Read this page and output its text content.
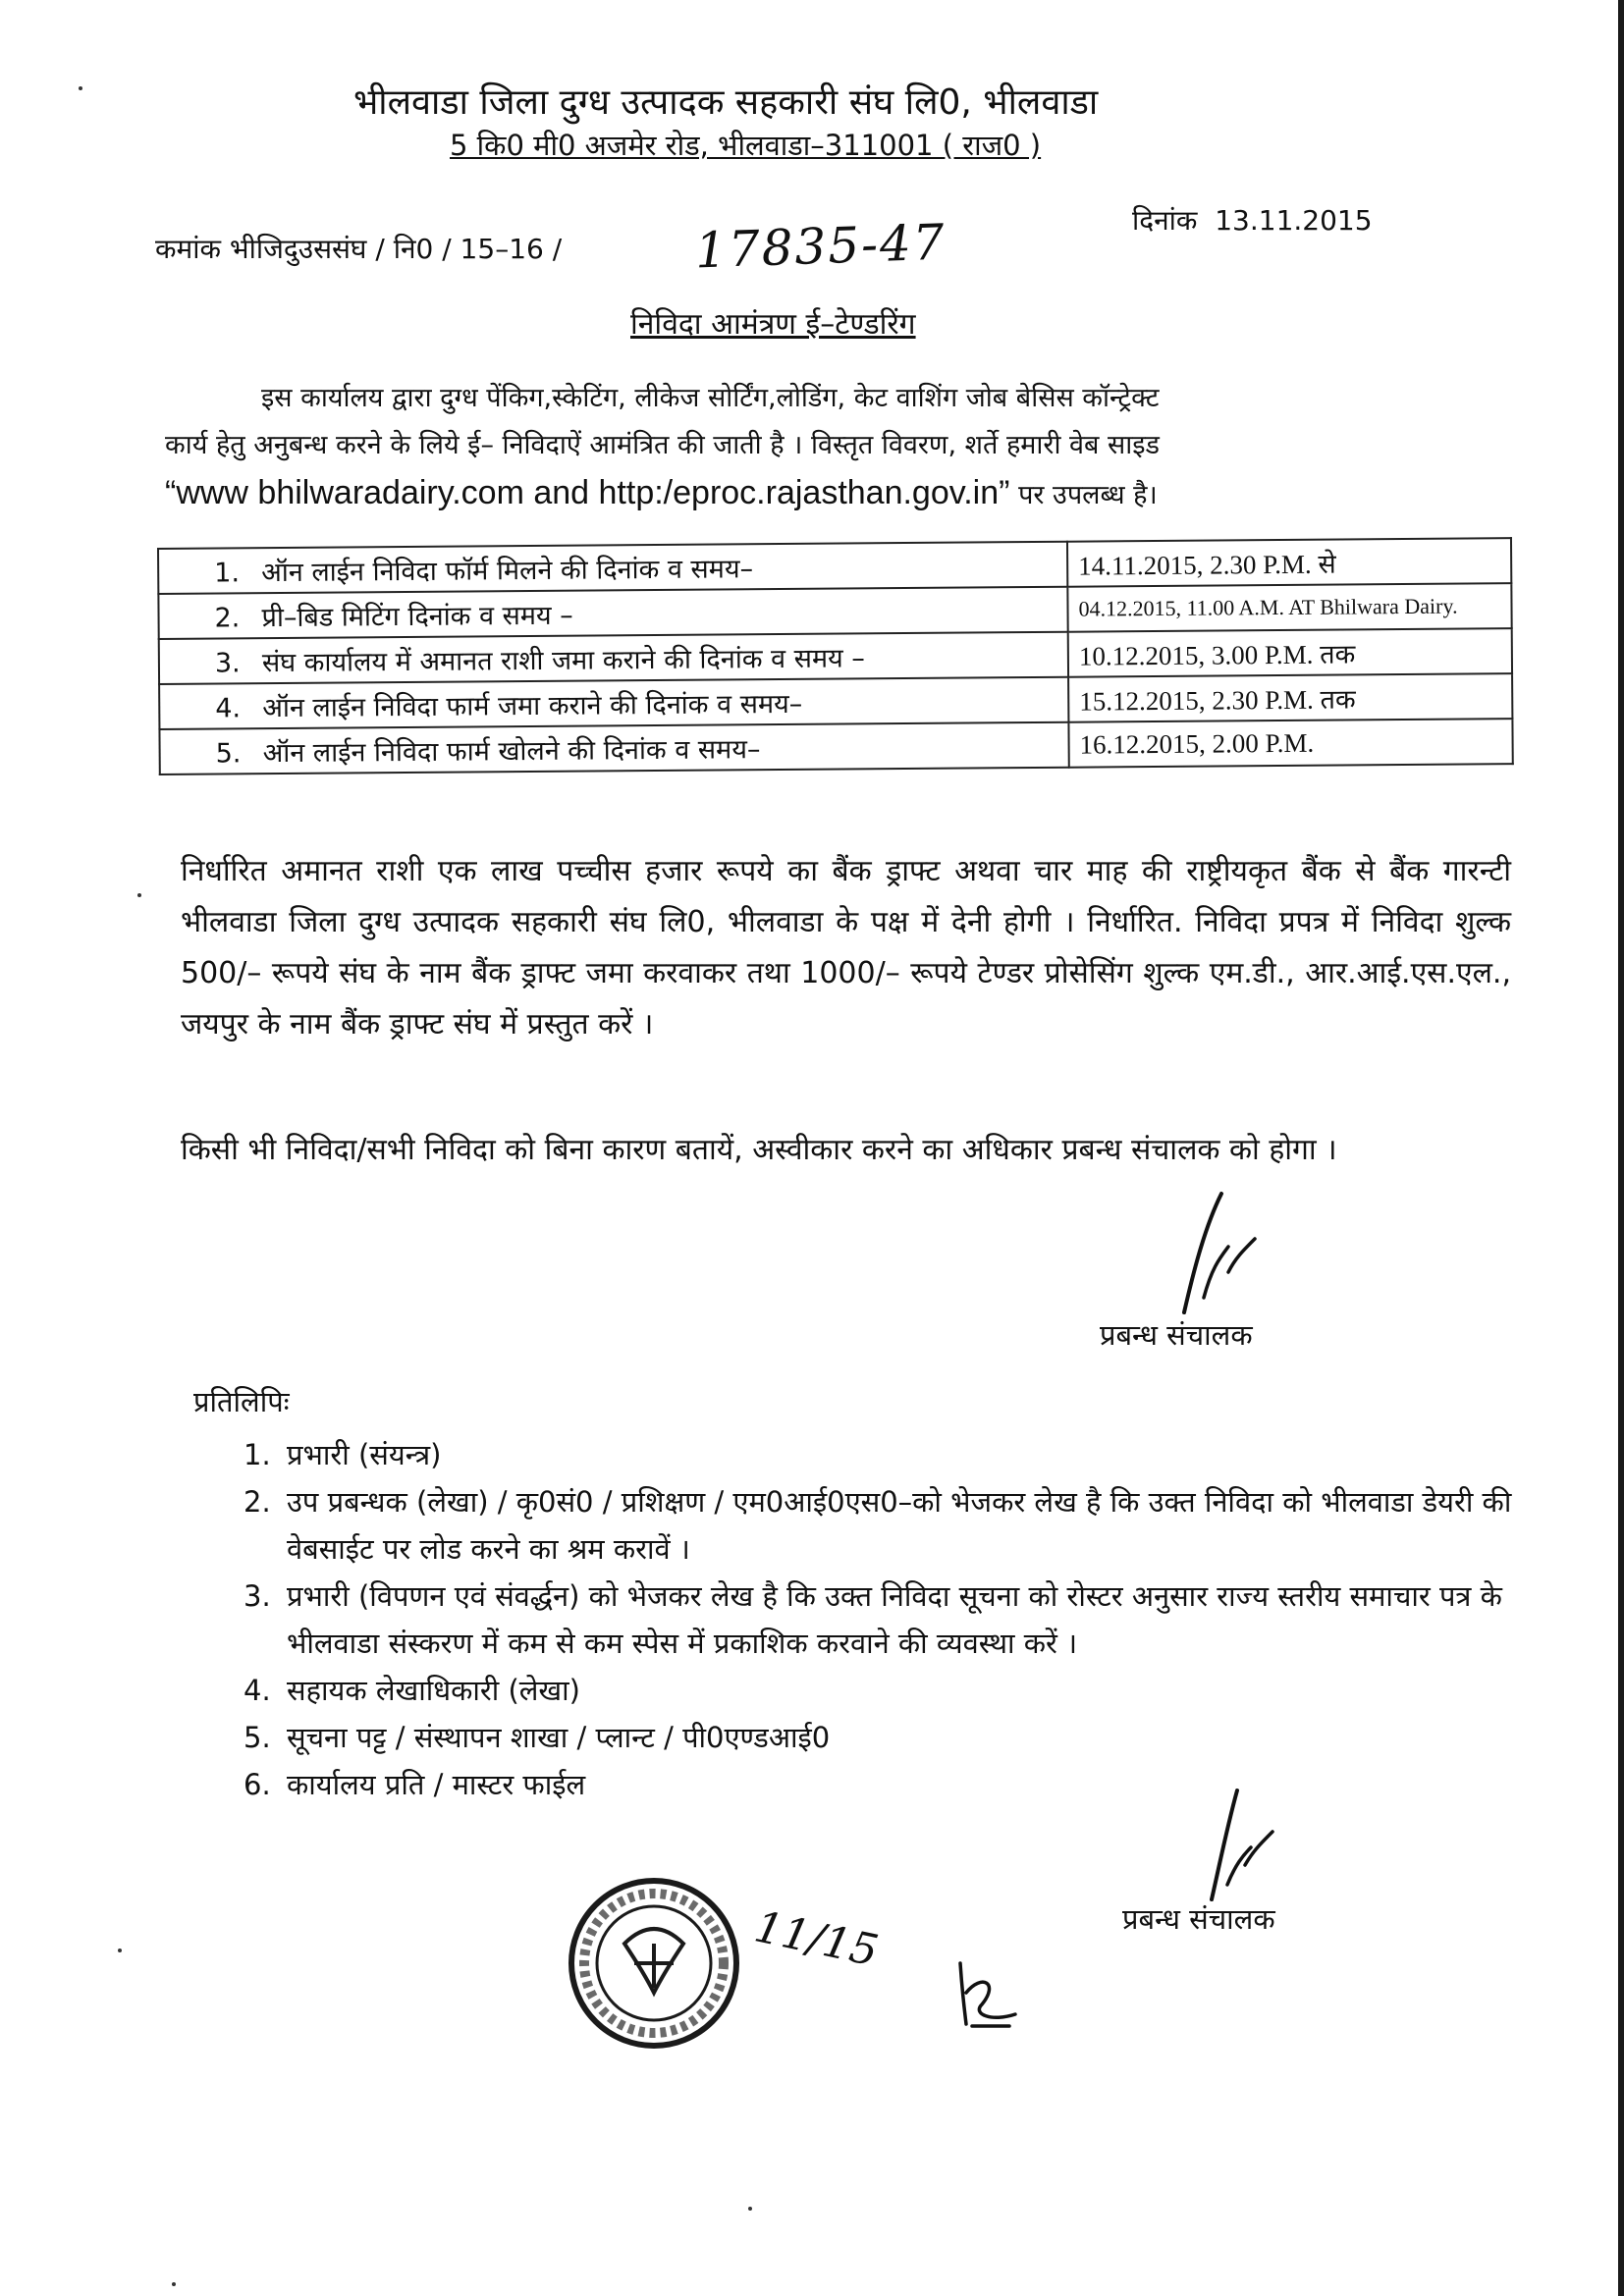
भीलवाडा जिला दुग्ध उत्पादक सहकारी संघ लि0, भीलवाडा
5 कि0 मी0 अजमेर रोड, भीलवाडा–311001 ( राज0 )
कमांक भीजिदुउससंघ / नि0 / 15–16 /	17835-47	दिनांक 13.11.2015
निविदा आमंत्रण ई–टेण्डरिंग
इस कार्यालय द्वारा दुग्ध पेंकिग,स्केटिंग, लीकेज सोर्टिंग,लोडिंग, केट वाशिंग जोब बेसिस कॉन्ट्रेक्ट
कार्य हेतु अनुबन्ध करने के लिये ई– निविदाऐं आमंत्रित की जाती है । विस्तृत विवरण, शर्ते हमारी वेब साइड
“www bhilwaradairy.com and http:/eproc.rajasthan.gov.in” पर उपलब्ध है।
1. ऑन लाईन निविदा फॉर्म मिलने की दिनांक व समय–	14.11.2015, 2.30 P.M. से
2. प्री–बिड मिटिंग दिनांक व समय –	04.12.2015, 11.00 A.M. AT Bhilwara Dairy.
3. संघ कार्यालय में अमानत राशी जमा कराने की दिनांक व समय –	10.12.2015, 3.00 P.M. तक
4. ऑन लाईन निविदा फार्म जमा कराने की दिनांक व समय–	15.12.2015, 2.30 P.M. तक
5. ऑन लाईन निविदा फार्म खोलने की दिनांक व समय–	16.12.2015, 2.00 P.M.
निर्धारित अमानत राशी एक लाख पच्चीस हजार रूपये का बैंक ड्राफ्ट अथवा चार माह की राष्ट्रीयकृत बैंक से बैंक गारन्टी भीलवाडा जिला दुग्ध उत्पादक सहकारी संघ लि0, भीलवाडा के पक्ष में देनी होगी । निर्धारित. निविदा प्रपत्र में निविदा शुल्क 500/– रूपये संघ के नाम बैंक ड्राफ्ट जमा करवाकर तथा 1000/– रूपये टेण्डर प्रोसेसिंग शुल्क एम.डी., आर.आई.एस.एल., जयपुर के नाम बैंक ड्राफ्ट संघ में प्रस्तुत करें ।
किसी भी निविदा/सभी निविदा को बिना कारण बतायें, अस्वीकार करने का अधिकार प्रबन्ध संचालक को होगा ।
प्रबन्ध संचालक
प्रतिलिपिः
1. प्रभारी (संयन्त्र)
2. उप प्रबन्धक (लेखा) / कृ0सं0 / प्रशिक्षण / एम0आई0एस0–को भेजकर लेख है कि उक्त निविदा को भीलवाडा डेयरी की वेबसाईट पर लोड करने का श्रम करावें ।
3. प्रभारी (विपणन एवं संवर्द्धन) को भेजकर लेख है कि उक्त निविदा सूचना को रोस्टर अनुसार राज्य स्तरीय समाचार पत्र के भीलवाडा संस्करण में कम से कम स्पेस में प्रकाशिक करवाने की व्यवस्था करें ।
4. सहायक लेखाधिकारी (लेखा)
5. सूचना पट्ट / संस्थापन शाखा / प्लान्ट / पी0एण्डआई0
6. कार्यालय प्रति / मास्टर फाईल
प्रबन्ध संचालक
11/15
